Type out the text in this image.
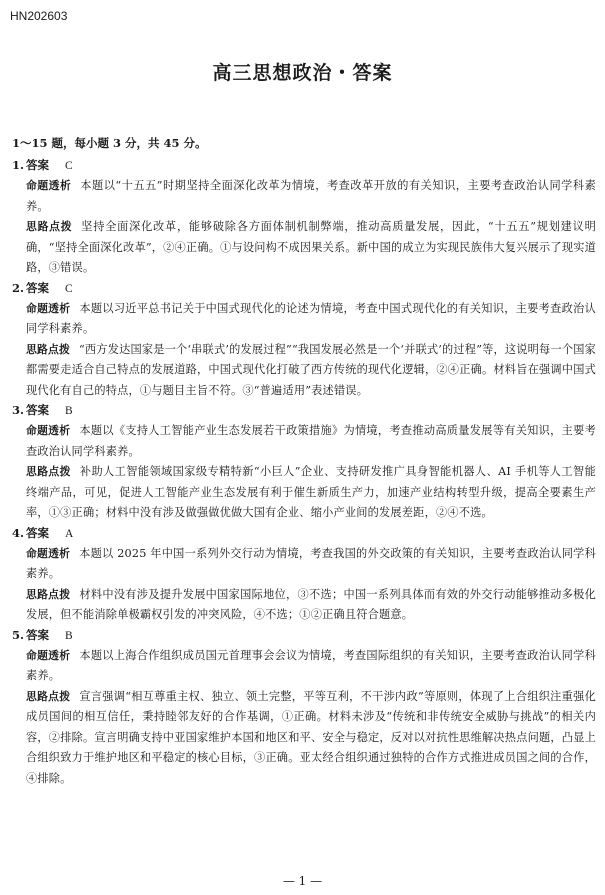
HN202603
高三思想政治・答案
1～15 题，每小题 3 分，共 45 分。
1. 答案 C
命题透析 本题以“十五五”时期坚持全面深化改革为情境，考查改革开放的有关知识，主要考查政治认同学科素养。
思路点拨 坚持全面深化改革，能够破除各方面体制机制弊端，推动高质量发展，因此，“十五五”规划建议明确，“坚持全面深化改革”，②④正确。①与设问构不成因果关系。新中国的成立为实现民族伟大复兴展示了现实道路，③错误。
2. 答案 C
命题透析 本题以习近平总书记关于中国式现代化的论述为情境，考查中国式现代化的有关知识，主要考查政治认同学科素养。
思路点拨 “西方发达国家是一个‘串联式’的发展过程”“我国发展必然是一个‘并联式’的过程”等，这说明每一个国家都需要走适合自己特点的发展道路，中国式现代化打破了西方传统的现代化逻辑，②④正确。材料旨在强调中国式现代化有自己的特点，①与题目主旨不符。③“普遍适用”表述错误。
3. 答案 B
命题透析 本题以《支持人工智能产业生态发展若干政策措施》为情境，考查推动高质量发展等有关知识，主要考查政治认同学科素养。
思路点拨 补助人工智能领域国家级专精特新“小巨人”企业、支持研发推广具身智能机器人、AI 手机等人工智能终端产品，可见，促进人工智能产业生态发展有利于催生新质生产力，加速产业结构转型升级，提高全要素生产率，①③正确；材料中没有涉及做强做优做大国有企业、缩小产业间的发展差距，②④不选。
4. 答案 A
命题透析 本题以 2025 年中国一系列外交行动为情境，考查我国的外交政策的有关知识，主要考查政治认同学科素养。
思路点拨 材料中没有涉及提升发展中国家国际地位，③不选；中国一系列具体而有效的外交行动能够推动多极化发展，但不能消除单极霸权引发的冲突风险，④不选；①②正确且符合题意。
5. 答案 B
命题透析 本题以上海合作组织成员国元首理事会会议为情境，考查国际组织的有关知识，主要考查政治认同学科素养。
思路点拨 宣言强调“相互尊重主权、独立、领土完整，平等互利，不干涉内政”等原则，体现了上合组织注重强化成员国间的相互信任，秉持睦邻友好的合作基调，①正确。材料未涉及“传统和非传统安全威胁与挑战”的相关内容，②排除。宣言明确支持中亚国家维护本国和地区和平、安全与稳定，反对以对抗性思维解决热点问题，凸显上合组织致力于维护地区和平稳定的核心目标，③正确。亚太经合组织通过独特的合作方式推进成员国之间的合作，④排除。
— 1 —
